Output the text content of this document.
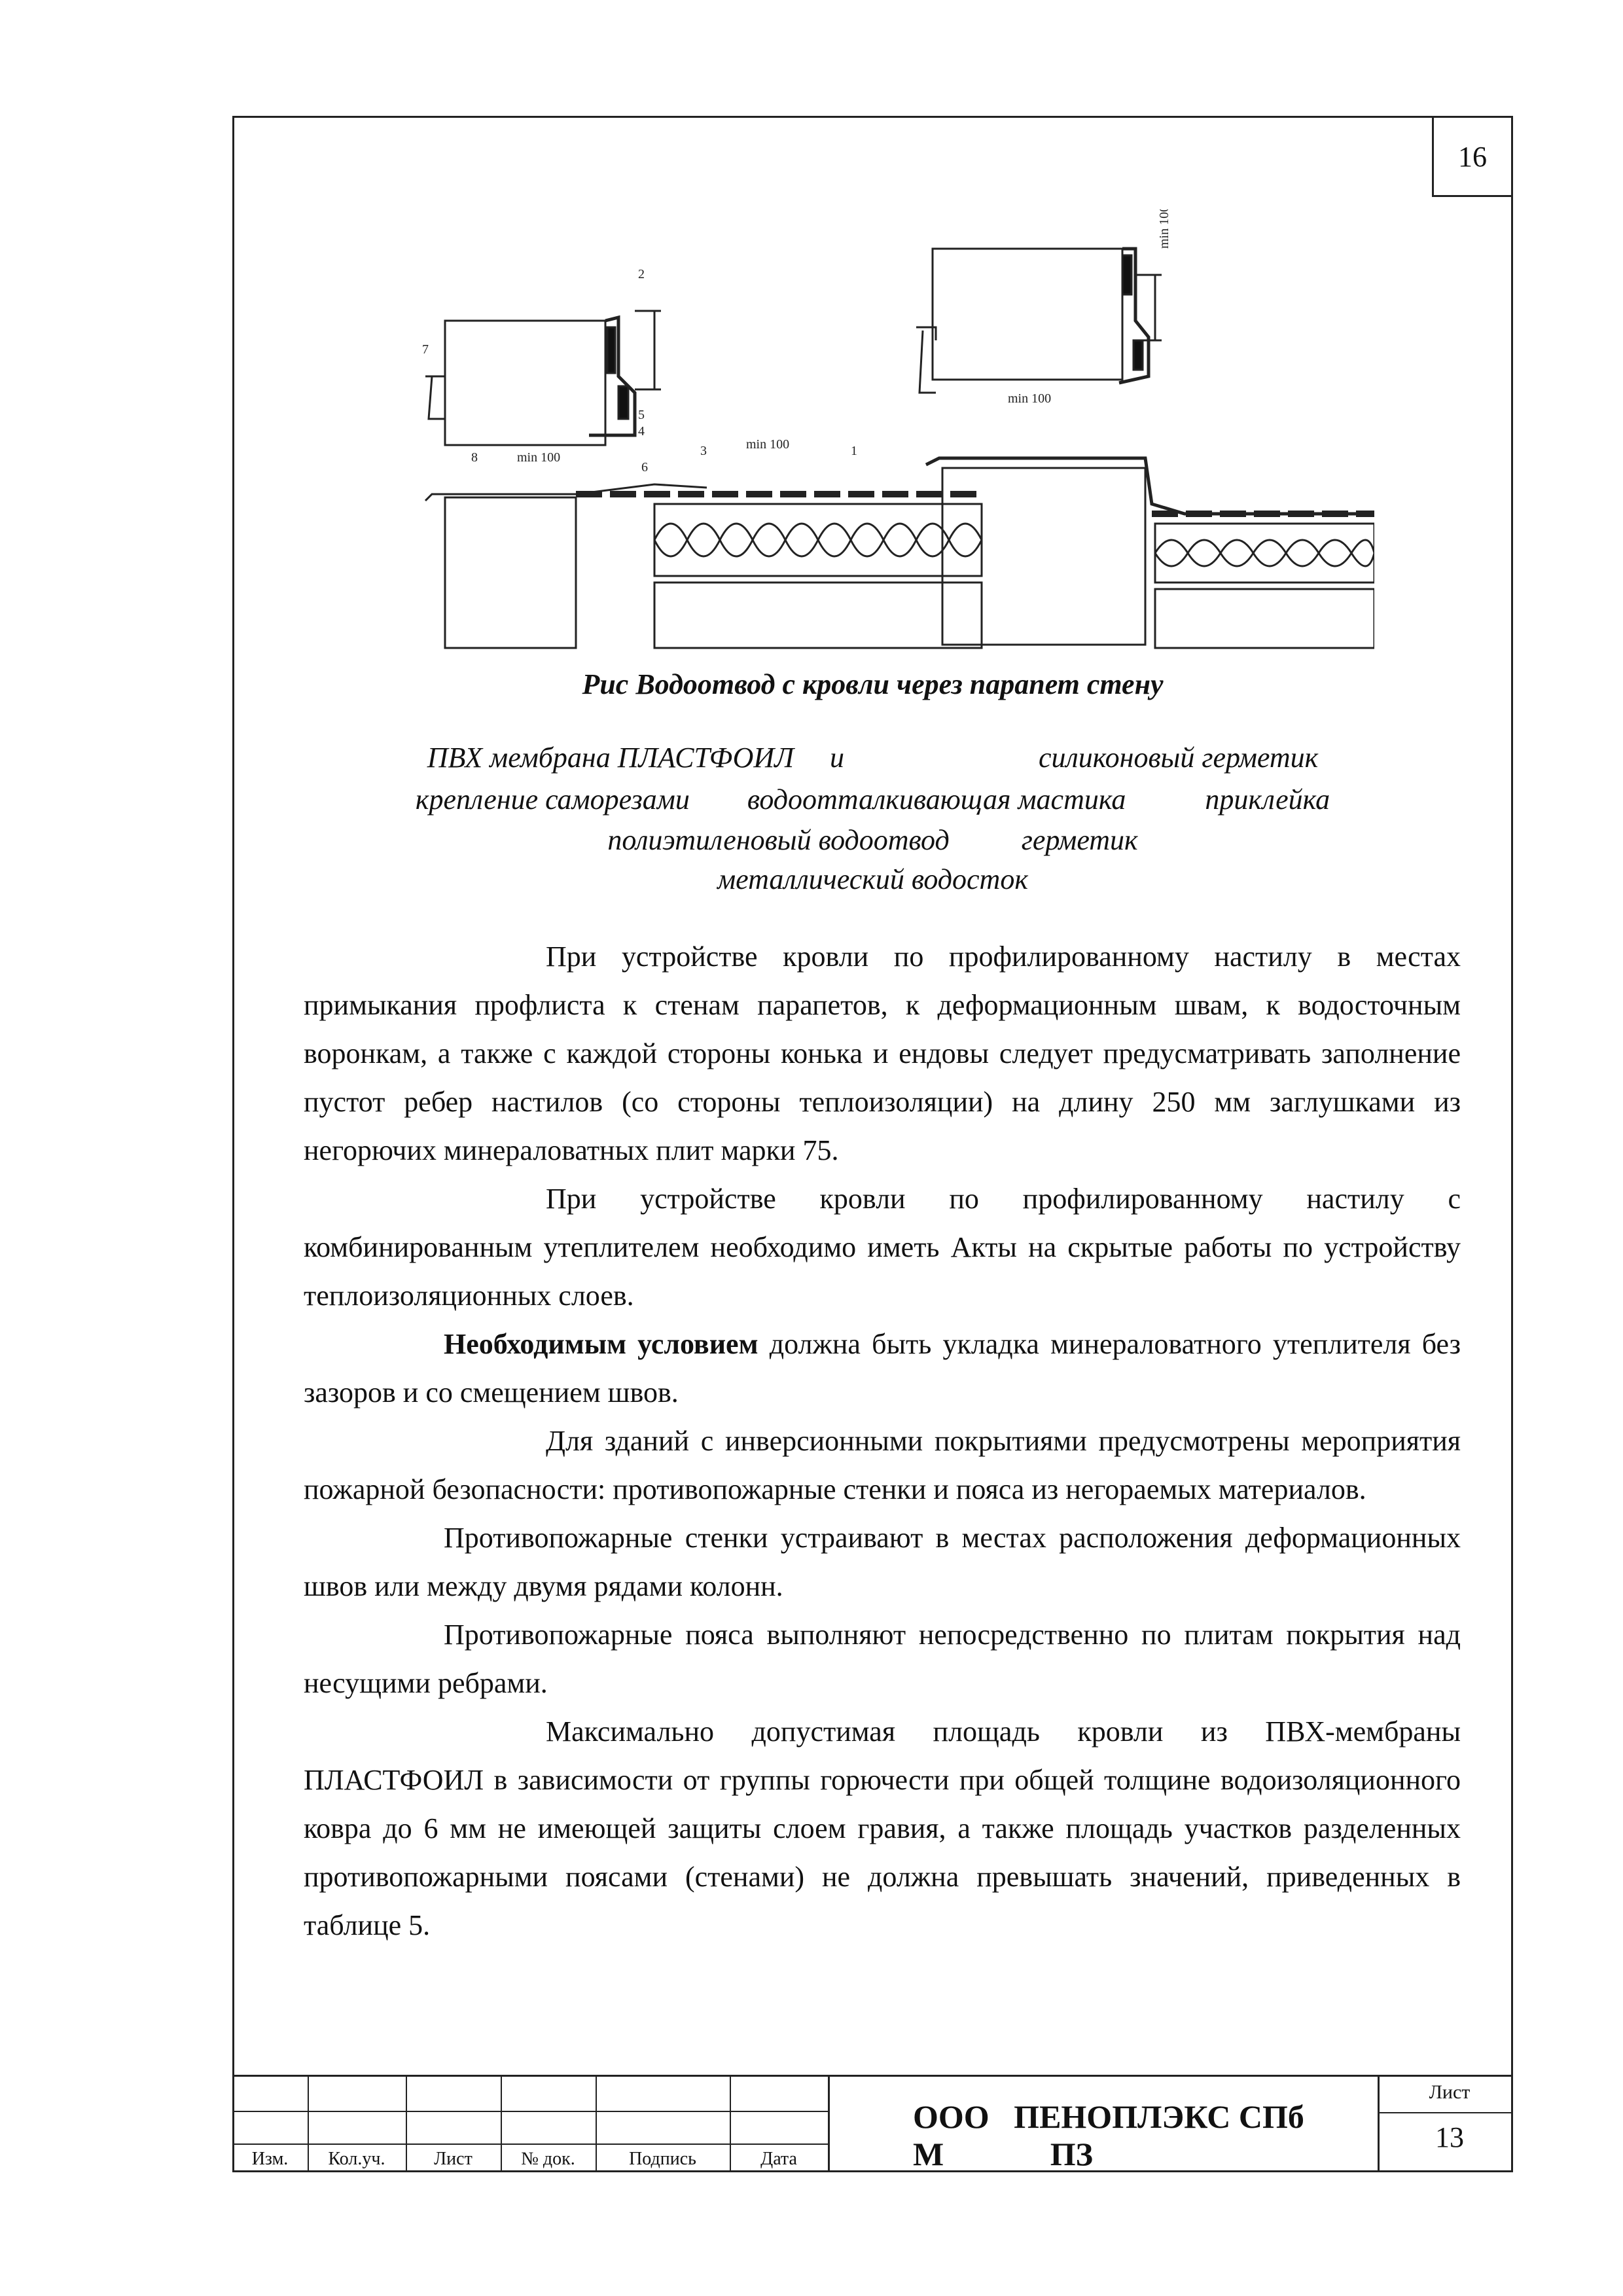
16
2
5
4
7
8
6
3	1
min 100
min 100
min 100
min 100
Рис Водоотвод с кровли через парапет стену
ПВХ мембрана ПЛАСТФОИЛ     и                           силиконовый герметик
крепление саморезами        водоотталкивающая мастика           приклейка
полиэтиленовый водоотвод          герметик
металлический водосток

При устройстве кровли по профилированному настилу в местах примыкания профлиста к стенам парапетов, к деформационным швам, к водосточным воронкам, а также с каждой стороны конька и ендовы следует предусматривать заполнение пустот ребер настилов (со стороны теплоизоляции) на длину 250 мм заглушками из негорючих минераловатных плит марки 75.

При устройстве кровли по профилированному настилу с комбинированным утеплителем необходимо иметь Акты на скрытые работы по устройству теплоизоляционных слоев.

Необходимым условием должна быть укладка минераловатного утеплителя без зазоров и со смещением швов.

Для зданий с инверсионными покрытиями предусмотрены мероприятия пожарной безопасности: противопожарные стенки и пояса из негораемых материалов.

Противопожарные стенки устраивают в местах расположения деформационных швов или между двумя рядами колонн.

Противопожарные пояса выполняют непосредственно по плитам покрытия над несущими ребрами.

Максимально допустимая площадь кровли из ПВХ-мембраны ПЛАСТФОИЛ в зависимости от группы горючести при общей толщине водоизоляционного ковра до 6 мм не имеющей защиты слоем гравия, а также площадь участков разделенных противопожарными поясами (стенами) не должна превышать значений, приведенных в таблице 5.

Изм.	Кол.уч.	Лист	№ док.	Подпись	Дата
ООО   ПЕНОПЛЭКС СПб
М             ПЗ
Лист
13
